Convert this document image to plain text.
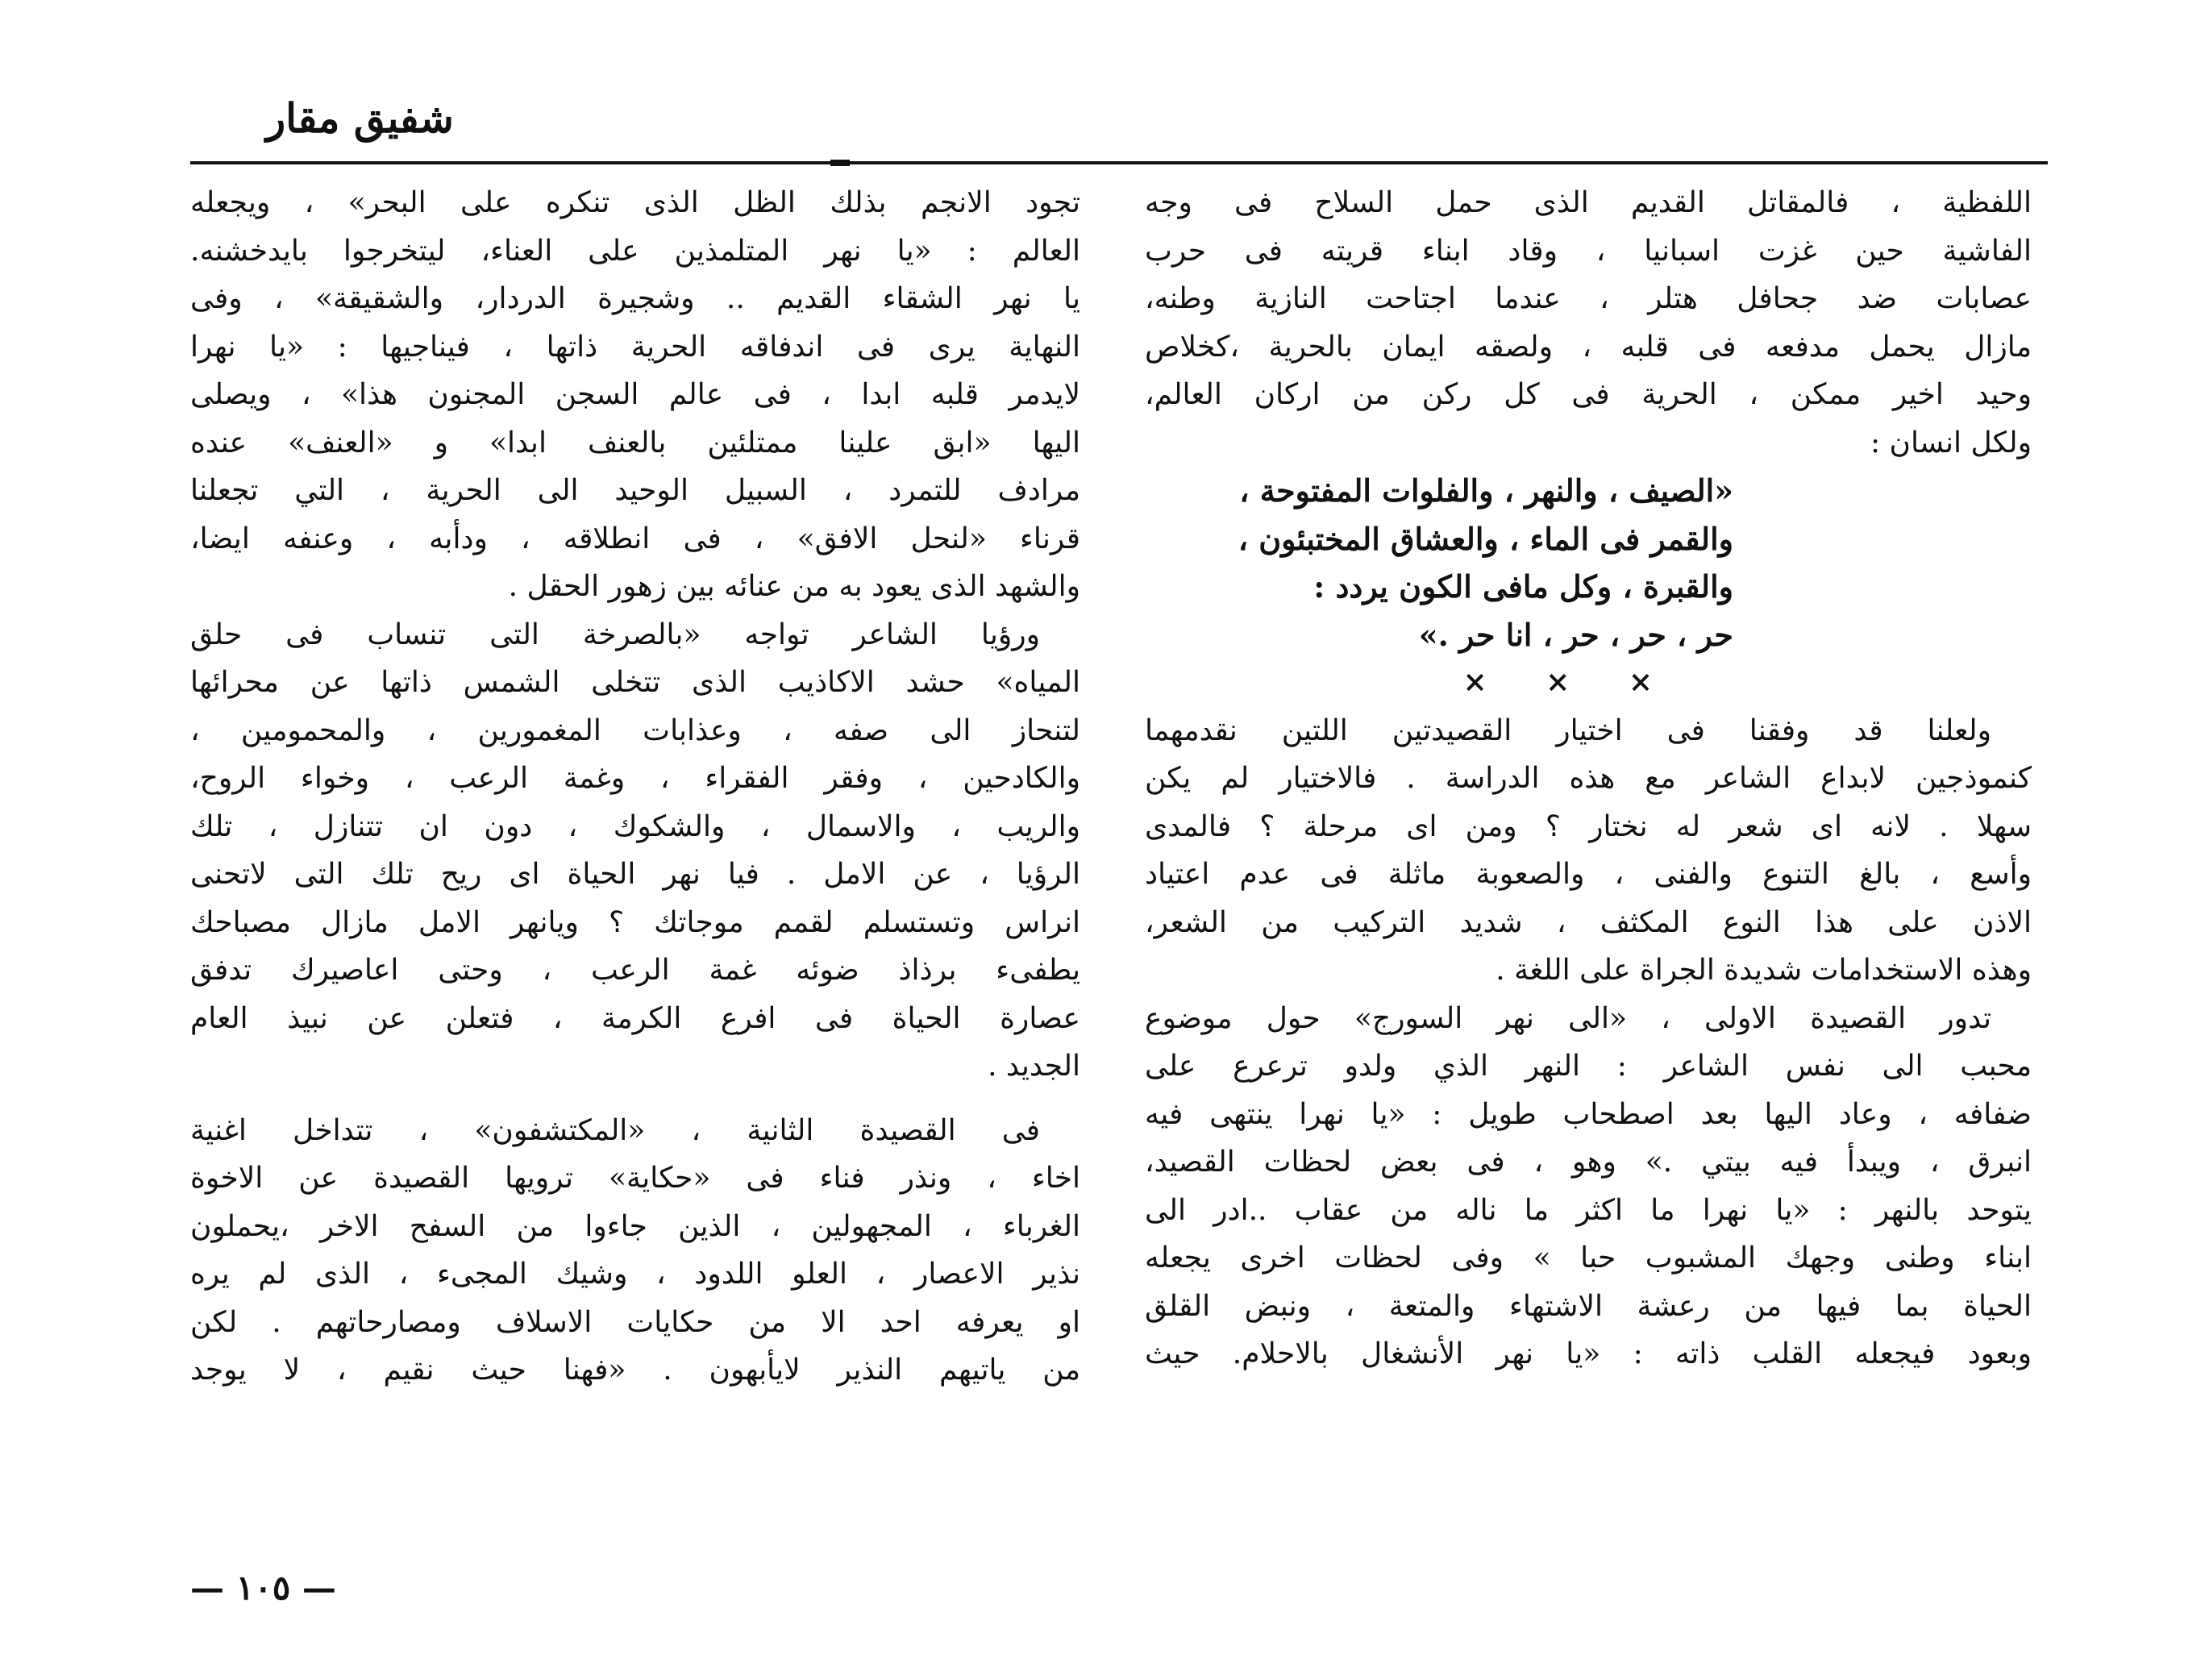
شفيق مقار
اللفظية ، فالمقاتل القديم الذى حمل السلاح فى وجه
الفاشية حين غزت اسبانيا ، وقاد ابناء قريته فى حرب
عصابات ضد جحافل هتلر ، عندما اجتاحت النازية وطنه،
مازال يحمل مدفعه فى قلبه ، ولصقه ايمان بالحرية ،كخلاص
وحيد اخير ممكن ، الحرية فى كل ركن من اركان العالم،
ولكل انسان :
«الصيف ، والنهر ، والفلوات المفتوحة ،
والقمر فى الماء ، والعشاق المختبئون ،
والقبرة ، وكل مافى الكون يردد :
حر ، حر ، حر ، انا حر .»
× × ×
ولعلنا قد وفقنا فى اختيار القصيدتين اللتين نقدمهما
كنموذجين لابداع الشاعر مع هذه الدراسة . فالاختيار لم يكن
سهلا . لانه اى شعر له نختار ؟ ومن اى مرحلة ؟ فالمدى
وأسع ، بالغ التنوع والفنى ، والصعوبة ماثلة فى عدم اعتياد
الاذن على هذا النوع المكثف ، شديد التركيب من الشعر،
وهذه الاستخدامات شديدة الجراة على اللغة .
تدور القصيدة الاولى ، «الى نهر السورج» حول موضوع
محبب الى نفس الشاعر : النهر الذي ولدو ترعرع على
ضفافه ، وعاد اليها بعد اصطحاب طويل : «يا نهرا ينتهى فيه
انبرق ، ويبدأ فيه بيتي .» وهو ، فى بعض لحظات القصيد،
يتوحد بالنهر : «يا نهرا ما اكثر ما ناله من عقاب ..ادر الى
ابناء وطنى وجهك المشبوب حبا » وفى لحظات اخرى يجعله
الحياة بما فيها من رعشة الاشتهاء والمتعة ، ونبض القلق
وبعود فيجعله القلب ذاته : «يا نهر الأنشغال بالاحلام. حيث
تجود الانجم بذلك الظل الذى تنكره على البحر» ، ويجعله
العالم : «يا نهر المتلمذين على العناء، ليتخرجوا بايدخشنه.
يا نهر الشقاء القديم .. وشجيرة الدردار، والشقيقة» ، وفى
النهاية يرى فى اندفاقه الحرية ذاتها ، فيناجيها : «يا نهرا
لايدمر قلبه ابدا ، فى عالم السجن المجنون هذا» ، ويصلى
اليها «ابق علينا ممتلئين بالعنف ابدا» و «العنف» عنده
مرادف للتمرد ، السبيل الوحيد الى الحرية ، التي تجعلنا
قرناء «لنحل الافق» ، فى انطلاقه ، ودأبه ، وعنفه ايضا،
والشهد الذى يعود به من عنائه بين زهور الحقل .
ورؤيا الشاعر تواجه «بالصرخة التى تنساب فى حلق
المياه» حشد الاكاذيب الذى تتخلى الشمس ذاتها عن محرائها
لتنحاز الى صفه ، وعذابات المغمورين ، والمحمومين ،
والكادحين ، وفقر الفقراء ، وغمة الرعب ، وخواء الروح،
والريب ، والاسمال ، والشكوك ، دون ان تتنازل ، تلك
الرؤيا ، عن الامل . فيا نهر الحياة اى ريح تلك التى لاتحنى
انراس وتستسلم لقمم موجاتك ؟ ويانهر الامل مازال مصباحك
يطفىء برذاذ ضوئه غمة الرعب ، وحتى اعاصيرك تدفق
عصارة الحياة فى افرع الكرمة ، فتعلن عن نبيذ العام
الجديد .
فى القصيدة الثانية ، «المكتشفون» ، تتداخل اغنية
اخاء ، ونذر فناء فى «حكاية» ترويها القصيدة عن الاخوة
الغرباء ، المجهولين ، الذين جاءوا من السفح الاخر ،يحملون
نذير الاعصار ، العلو اللدود ، وشيك المجىء ، الذى لم يره
او يعرفه احد الا من حكايات الاسلاف ومصارحاتهم . لكن
من ياتيهم النذير لايأبهون . «فهنا حيث نقيم ، لا يوجد
— ١٠٥ —
